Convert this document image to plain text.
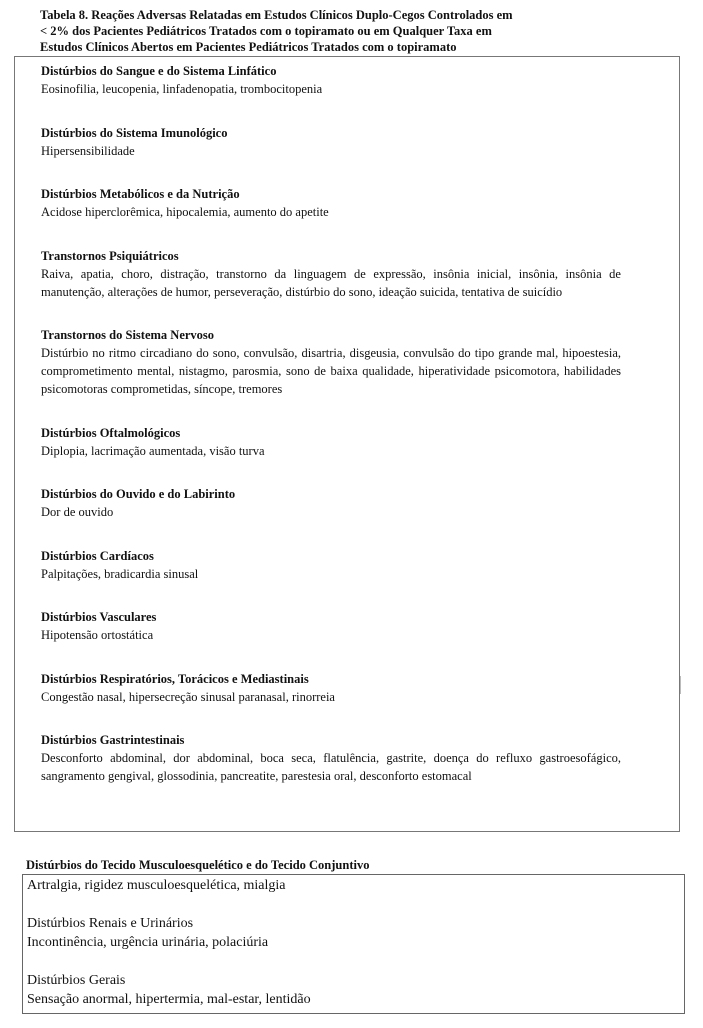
Tabela 8. Reações Adversas Relatadas em Estudos Clínicos Duplo-Cegos Controlados em
< 2% dos Pacientes Pediátricos Tratados com o topiramato ou em Qualquer Taxa em
Estudos Clínicos Abertos em Pacientes Pediátricos Tratados com o topiramato
Distúrbios do Sangue e do Sistema Linfático
Eosinofilia, leucopenia, linfadenopatia, trombocitopenia
Distúrbios do Sistema Imunológico
Hipersensibilidade
Distúrbios Metabólicos e da Nutrição
Acidose hiperclorêmica, hipocalemia, aumento do apetite
Transtornos Psiquiátricos
Raiva, apatia, choro, distração, transtorno da linguagem de expressão, insônia inicial, insônia, insônia de manutenção, alterações de humor, perseveração, distúrbio do sono, ideação suicida, tentativa de suicídio
Transtornos do Sistema Nervoso
Distúrbio no ritmo circadiano do sono, convulsão, disartria, disgeusia, convulsão do tipo grande mal, hipoestesia, comprometimento mental, nistagmo, parosmia, sono de baixa qualidade, hiperatividade psicomotora, habilidades psicomotoras comprometidas, síncope, tremores
Distúrbios Oftalmológicos
Diplopia, lacrimação aumentada, visão turva
Distúrbios do Ouvido e do Labirinto
Dor de ouvido
Distúrbios Cardíacos
Palpitações, bradicardia sinusal
Distúrbios Vasculares
Hipotensão ortostática
Distúrbios Respiratórios, Torácicos e Mediastinais
Congestão nasal, hipersecreção sinusal paranasal, rinorreia
Distúrbios Gastrintestinais
Desconforto abdominal, dor abdominal, boca seca, flatulência, gastrite, doença do refluxo gastroesofágico, sangramento gengival, glossodinia, pancreatite, parestesia oral, desconforto estomacal
Distúrbios do Tecido Musculoesquelético e do Tecido Conjuntivo
Artralgia, rigidez musculoesquelética, mialgia
Distúrbios Renais e Urinários
Incontinência, urgência urinária, polaciúria
Distúrbios Gerais
Sensação anormal, hipertermia, mal-estar, lentidão
